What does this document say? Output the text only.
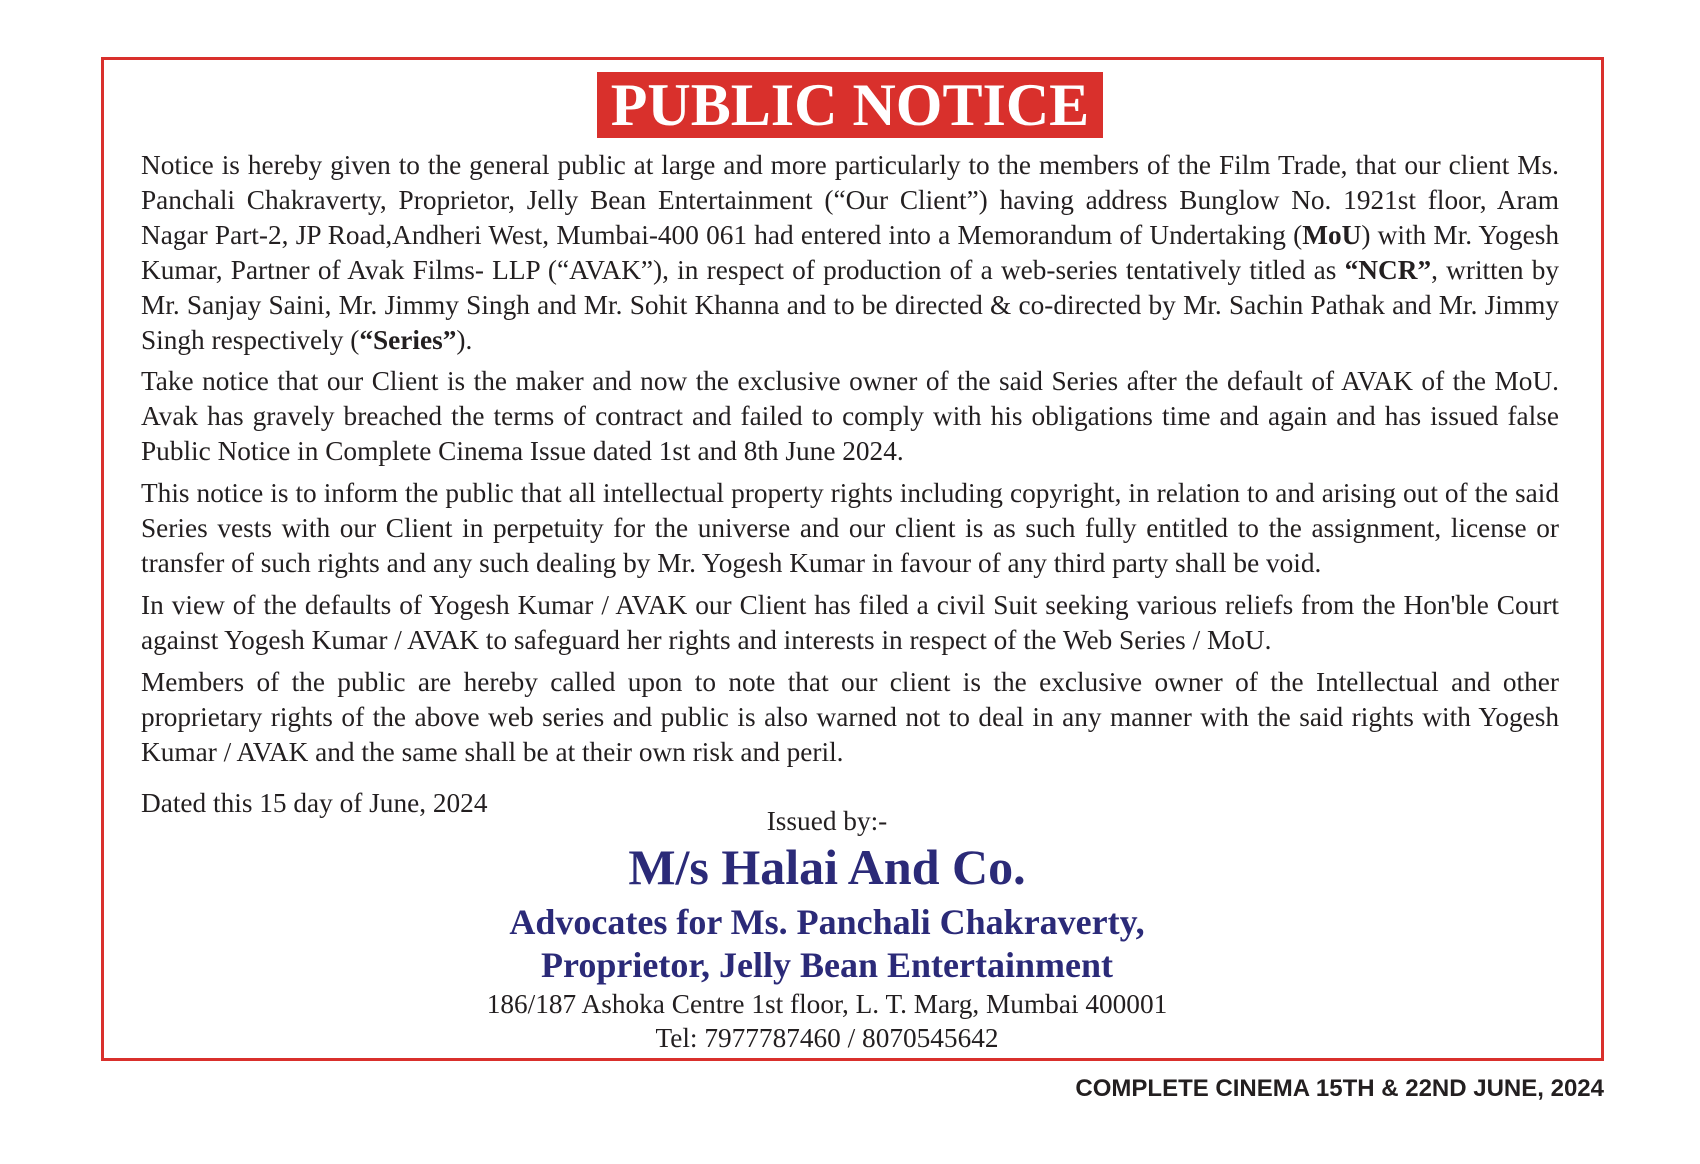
PUBLIC NOTICE

Notice is hereby given to the general public at large and more particularly to the members of the Film Trade, that our client Ms. Panchali Chakraverty, Proprietor, Jelly Bean Entertainment (“Our Client”) having address Bunglow No. 1921st floor, Aram Nagar Part-2, JP Road,Andheri West, Mumbai-400 061 had entered into a Memorandum of Undertaking (MoU) with Mr. Yogesh Kumar, Partner of Avak Films- LLP (“AVAK”), in respect of production of a web-series tentatively titled as “NCR”, written by Mr. Sanjay Saini, Mr. Jimmy Singh and Mr. Sohit Khanna and to be directed & co-directed by Mr. Sachin Pathak and Mr. Jimmy Singh respectively (“Series”).

Take notice that our Client is the maker and now the exclusive owner of the said Series after the default of AVAK of the MoU. Avak has gravely breached the terms of contract and failed to comply with his obligations time and again and has issued false Public Notice in Complete Cinema Issue dated 1st and 8th June 2024.

This notice is to inform the public that all intellectual property rights including copyright, in relation to and arising out of the said Series vests with our Client in perpetuity for the universe and our client is as such fully entitled to the assignment, license or transfer of such rights and any such dealing by Mr. Yogesh Kumar in favour of any third party shall be void.

In view of the defaults of Yogesh Kumar / AVAK our Client has filed a civil Suit seeking various reliefs from the Hon'ble Court against Yogesh Kumar / AVAK to safeguard her rights and interests in respect of the Web Series / MoU.

Members of the public are hereby called upon to note that our client is the exclusive owner of the Intellectual and other proprietary rights of the above web series and public is also warned not to deal in any manner with the said rights with Yogesh Kumar / AVAK and the same shall be at their own risk and peril.

Dated this 15 day of June, 2024
Issued by:-
M/s Halai And Co.
Advocates for Ms. Panchali Chakraverty,
Proprietor, Jelly Bean Entertainment
186/187 Ashoka Centre 1st floor, L. T. Marg, Mumbai 400001
Tel: 7977787460 / 8070545642
COMPLETE CINEMA 15TH & 22ND JUNE, 2024
